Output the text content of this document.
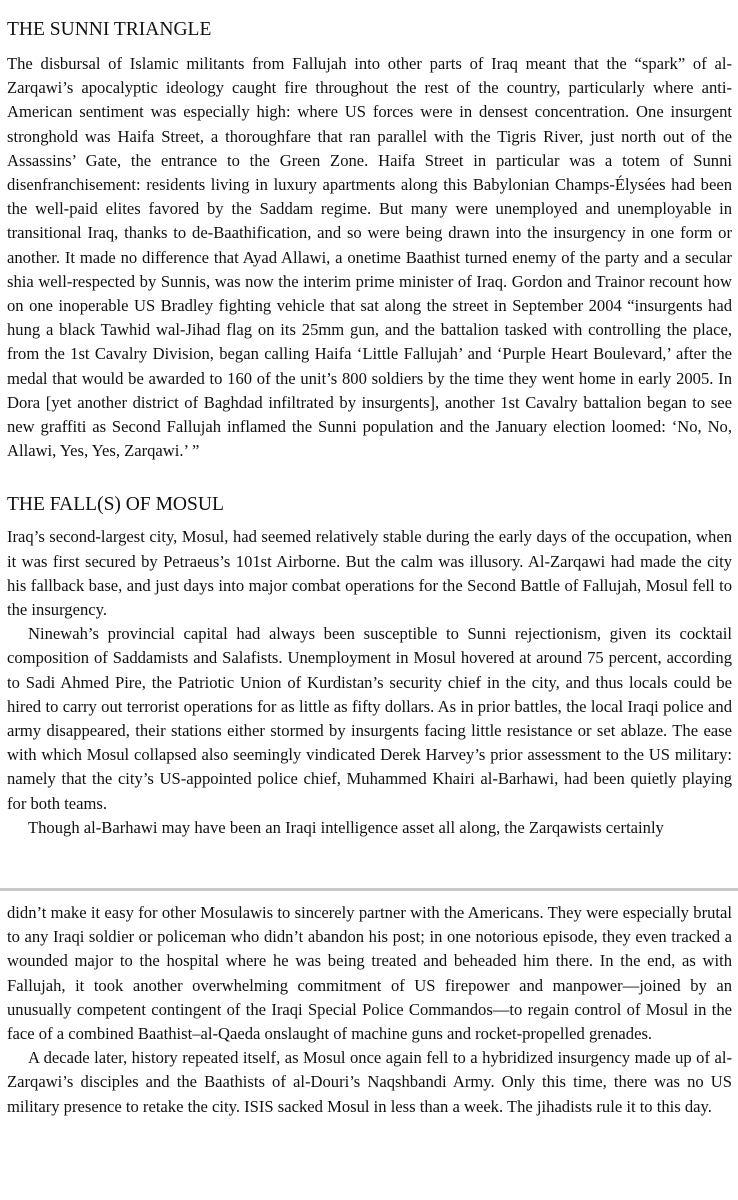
THE SUNNI TRIANGLE

The disbursal of Islamic militants from Fallujah into other parts of Iraq meant that the “spark” of al-Zarqawi’s apocalyptic ideology caught fire throughout the rest of the country, particularly where anti-American sentiment was especially high: where US forces were in densest concentration. One insurgent stronghold was Haifa Street, a thoroughfare that ran parallel with the Tigris River, just north out of the Assassins’ Gate, the entrance to the Green Zone. Haifa Street in particular was a totem of Sunni disenfranchisement: residents living in luxury apartments along this Babylonian Champs-Élysées had been the well-paid elites favored by the Saddam regime. But many were unemployed and unemployable in transitional Iraq, thanks to de-Baathification, and so were being drawn into the insurgency in one form or another. It made no difference that Ayad Allawi, a onetime Baathist turned enemy of the party and a secular shia well-respected by Sunnis, was now the interim prime minister of Iraq. Gordon and Trainor recount how on one inoperable US Bradley fighting vehicle that sat along the street in September 2004 “insurgents had hung a black Tawhid wal-Jihad flag on its 25mm gun, and the battalion tasked with controlling the place, from the 1st Cavalry Division, began calling Haifa ‘Little Fallujah’ and ‘Purple Heart Boulevard,’ after the medal that would be awarded to 160 of the unit’s 800 soldiers by the time they went home in early 2005. In Dora [yet another district of Baghdad infiltrated by insurgents], another 1st Cavalry battalion began to see new graffiti as Second Fallujah inflamed the Sunni population and the January election loomed: ‘No, No, Allawi, Yes, Yes, Zarqawi.’ ”

THE FALL(S) OF MOSUL

Iraq’s second-largest city, Mosul, had seemed relatively stable during the early days of the occupation, when it was first secured by Petraeus’s 101st Airborne. But the calm was illusory. Al-Zarqawi had made the city his fallback base, and just days into major combat operations for the Second Battle of Fallujah, Mosul fell to the insurgency.

Ninewah’s provincial capital had always been susceptible to Sunni rejectionism, given its cocktail composition of Saddamists and Salafists. Unemployment in Mosul hovered at around 75 percent, according to Sadi Ahmed Pire, the Patriotic Union of Kurdistan’s security chief in the city, and thus locals could be hired to carry out terrorist operations for as little as fifty dollars. As in prior battles, the local Iraqi police and army disappeared, their stations either stormed by insurgents facing little resistance or set ablaze. The ease with which Mosul collapsed also seemingly vindicated Derek Harvey’s prior assessment to the US military: namely that the city’s US-appointed police chief, Muhammed Khairi al-Barhawi, had been quietly playing for both teams.

Though al-Barhawi may have been an Iraqi intelligence asset all along, the Zarqawists certainly

didn’t make it easy for other Mosulawis to sincerely partner with the Americans. They were especially brutal to any Iraqi soldier or policeman who didn’t abandon his post; in one notorious episode, they even tracked a wounded major to the hospital where he was being treated and beheaded him there. In the end, as with Fallujah, it took another overwhelming commitment of US firepower and manpower—joined by an unusually competent contingent of the Iraqi Special Police Commandos—to regain control of Mosul in the face of a combined Baathist–al-Qaeda onslaught of machine guns and rocket-propelled grenades.

A decade later, history repeated itself, as Mosul once again fell to a hybridized insurgency made up of al-Zarqawi’s disciples and the Baathists of al-Douri’s Naqshbandi Army. Only this time, there was no US military presence to retake the city. ISIS sacked Mosul in less than a week. The jihadists rule it to this day.
